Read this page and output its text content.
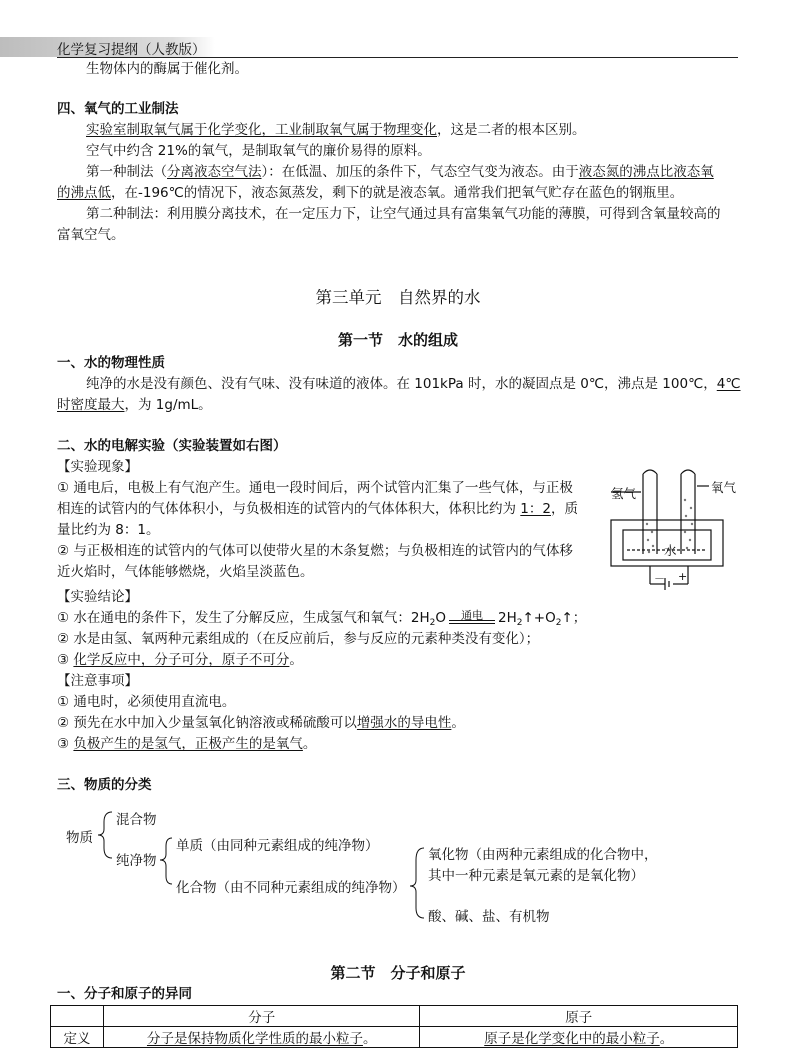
化学复习提纲（人教版）
生物体内的酶属于催化剂。
四、氧气的工业制法
实验室制取氧气属于化学变化，工业制取氧气属于物理变化，这是二者的根本区别。
空气中约含 21%的氧气，是制取氧气的廉价易得的原料。
第一种制法（分离液态空气法）：在低温、加压的条件下，气态空气变为液态。由于液态氮的沸点比液态氧
的沸点低，在-196℃的情况下，液态氮蒸发，剩下的就是液态氧。通常我们把氧气贮存在蓝色的钢瓶里。
第二种制法：利用膜分离技术，在一定压力下，让空气通过具有富集氧气功能的薄膜，可得到含氧量较高的
富氧空气。
第三单元　自然界的水
第一节　水的组成
一、水的物理性质
纯净的水是没有颜色、没有气味、没有味道的液体。在 101kPa 时，水的凝固点是 0℃，沸点是 100℃，4℃
时密度最大，为 1g/mL。
二、水的电解实验（实验装置如右图）
【实验现象】
① 通电后，电极上有气泡产生。通电一段时间后，两个试管内汇集了一些气体，与正极
相连的试管内的气体体积小，与负极相连的试管内的气体体积大，体积比约为 1：2，质
量比约为 8：1。
② 与正极相连的试管内的气体可以使带火星的木条复燃；与负极相连的试管内的气体移
近火焰时，气体能够燃烧，火焰呈淡蓝色。
氢气	氧气
水
－ +
【实验结论】
① 水在通电的条件下，发生了分解反应，生成氢气和氧气：$2H_2O$	通电	$2H_2↑+O_2↑$；
② 水是由氢、氧两种元素组成的（在反应前后，参与反应的元素种类没有变化）；
③ 化学反应中，分子可分，原子不可分。
【注意事项】
① 通电时，必须使用直流电。
② 预先在水中加入少量氢氧化钠溶液或稀硫酸可以增强水的导电性。
③ 负极产生的是氢气，正极产生的是氧气。
三、物质的分类
物质
混合物
纯净物
单质（由同种元素组成的纯净物）
化合物（由不同种元素组成的纯净物）
氧化物（由两种元素组成的化合物中，
其中一种元素是氧元素的是氧化物）
酸、碱、盐、有机物
第二节　分子和原子
一、分子和原子的异同
	分子	原子
定义	分子是保持物质化学性质的最小粒子。	原子是化学变化中的最小粒子。
